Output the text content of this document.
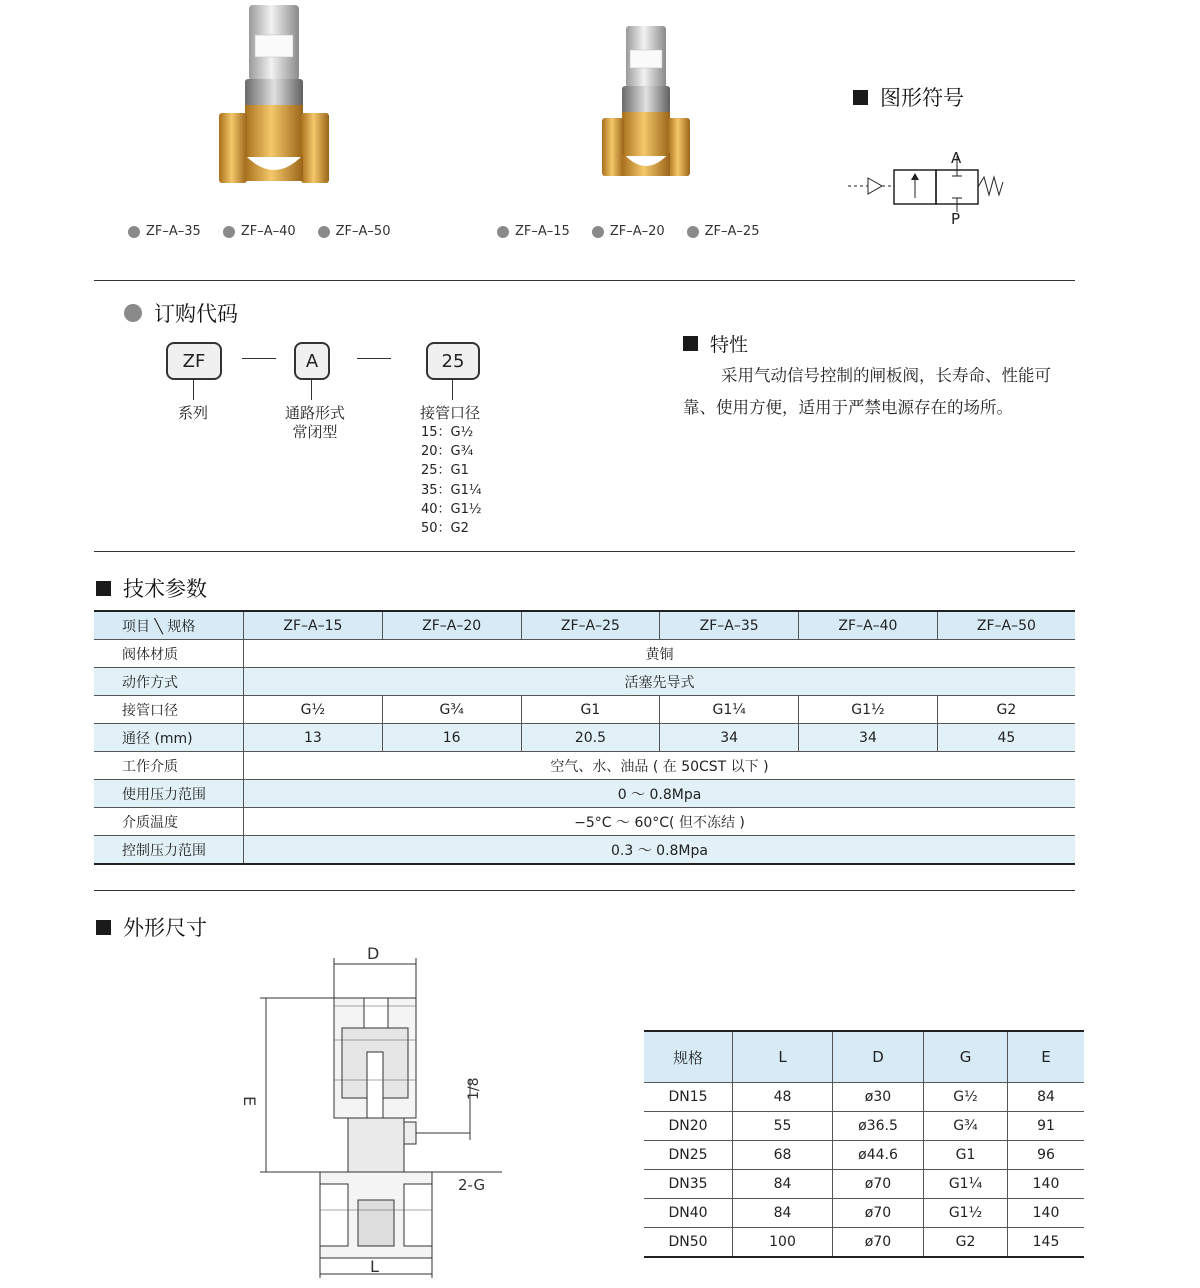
ZF–A–35	ZF–A–40	ZF–A–50	ZF–A–15	ZF–A–20	ZF–A–25
图形符号
A
P
订购代码
ZF	A	25
系列	通路形式
常闭型
接管口径
15：G½
20：G¾
25：G1
35：G1¼
40：G1½
50：G2
特性
采用气动信号控制的闸板阀，长寿命、性能可靠、使用方便，适用于严禁电源存在的场所。
技术参数
项目 ╲ 规格	ZF–A–15	ZF–A–20	ZF–A–25	ZF–A–35	ZF–A–40	ZF–A–50
阀体材质	黄铜					
动作方式	活塞先导式					
接管口径	G½	G¾	G1	G1¼	G1½	G2
通径 (mm)	13	16	20.5	34	34	45
工作介质	空气、水、油品 ( 在 50CST 以下 )					
使用压力范围	0 ～ 0.8Mpa					
介质温度	−5°C ～ 60°C( 但不冻结 )					
控制压力范围	0.3 ～ 0.8Mpa					
外形尺寸
D
E
1/8
2-G
L
规格	L	D	G	E
DN15	48	ø30	G½	84
DN20	55	ø36.5	G¾	91
DN25	68	ø44.6	G1	96
DN35	84	ø70	G1¼	140
DN40	84	ø70	G1½	140
DN50	100	ø70	G2	145
